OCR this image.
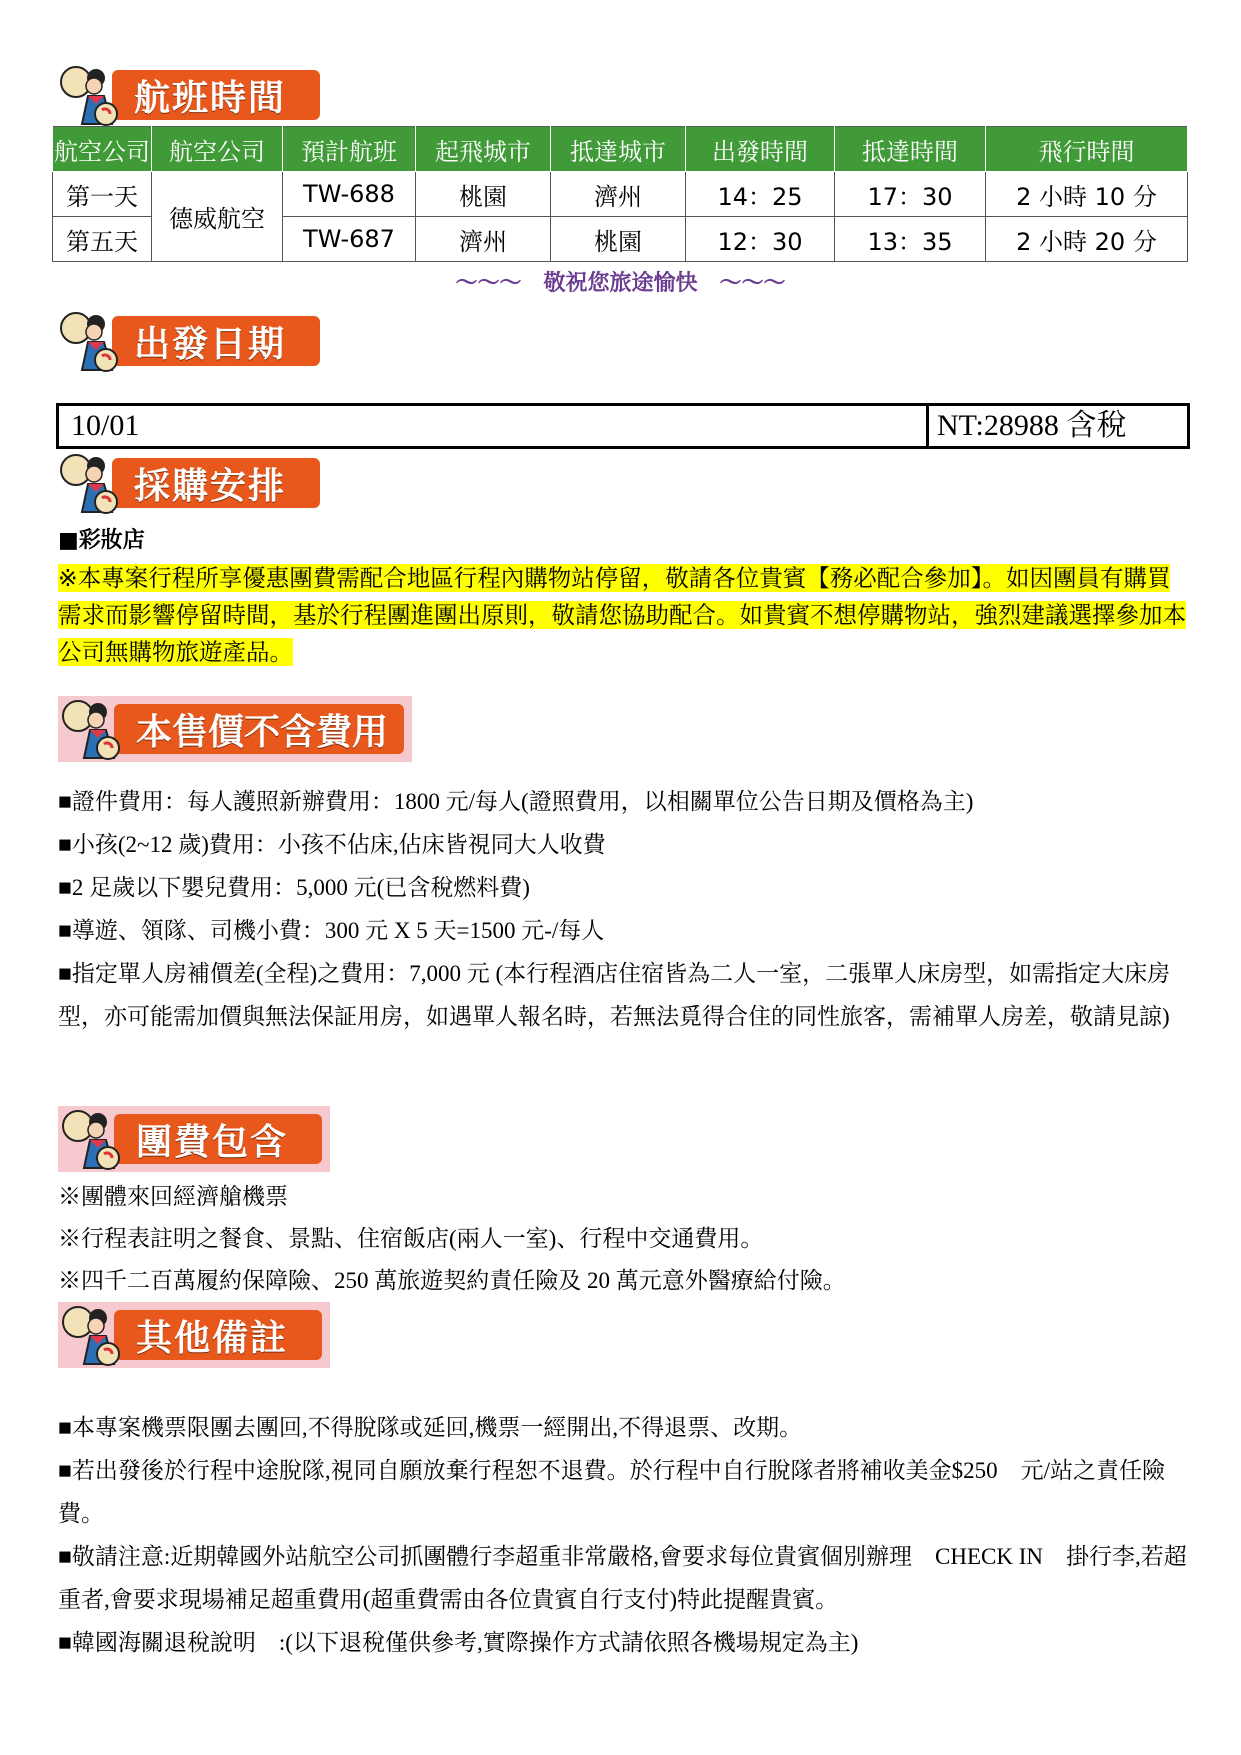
航班時間
航空公司	航空公司	預計航班	起飛城市	抵達城市	出發時間	抵達時間	飛行時間
第一天	德威航空	TW-688	桃園	濟州	14：25	17：30	2 小時 10 分
第五天		TW-687	濟州	桃園	12：30	13：35	2 小時 20 分
～～～　敬祝您旅途愉快　～～～
出發日期
10/01	NT:28988 含稅
採購安排
■彩妝店
※本專案行程所享優惠團費需配合地區行程內購物站停留，敬請各位貴賓【務必配合參加】。如因團員有購買需求而影響停留時間，基於行程團進團出原則，敬請您協助配合。如貴賓不想停購物站，強烈建議選擇參加本公司無購物旅遊產品。
本售價不含費用
■證件費用：每人護照新辦費用：1800 元/每人(證照費用，以相關單位公告日期及價格為主)
■小孩(2~12 歲)費用：小孩不佔床,佔床皆視同大人收費
■2 足歲以下嬰兒費用：5,000 元(已含稅燃料費)
■導遊、領隊、司機小費：300 元 X 5 天=1500 元-/每人
■指定單人房補價差(全程)之費用：7,000 元 (本行程酒店住宿皆為二人一室，二張單人床房型，如需指定大床房型，亦可能需加價與無法保証用房，如遇單人報名時，若無法覓得合住的同性旅客，需補單人房差，敬請見諒)
團費包含
※團體來回經濟艙機票
※行程表註明之餐食、景點、住宿飯店(兩人一室)、行程中交通費用。
※四千二百萬履約保障險、250 萬旅遊契約責任險及 20 萬元意外醫療給付險。
其他備註
■本專案機票限團去團回,不得脫隊或延回,機票一經開出,不得退票、改期。
■若出發後於行程中途脫隊,視同自願放棄行程恕不退費。於行程中自行脫隊者將補收美金$250　元/站之責任險費。
■敬請注意:近期韓國外站航空公司抓團體行李超重非常嚴格,會要求每位貴賓個別辦理　CHECK IN　掛行李,若超重者,會要求現場補足超重費用(超重費需由各位貴賓自行支付)特此提醒貴賓。
■韓國海關退稅說明　:(以下退稅僅供參考,實際操作方式請依照各機場規定為主)
